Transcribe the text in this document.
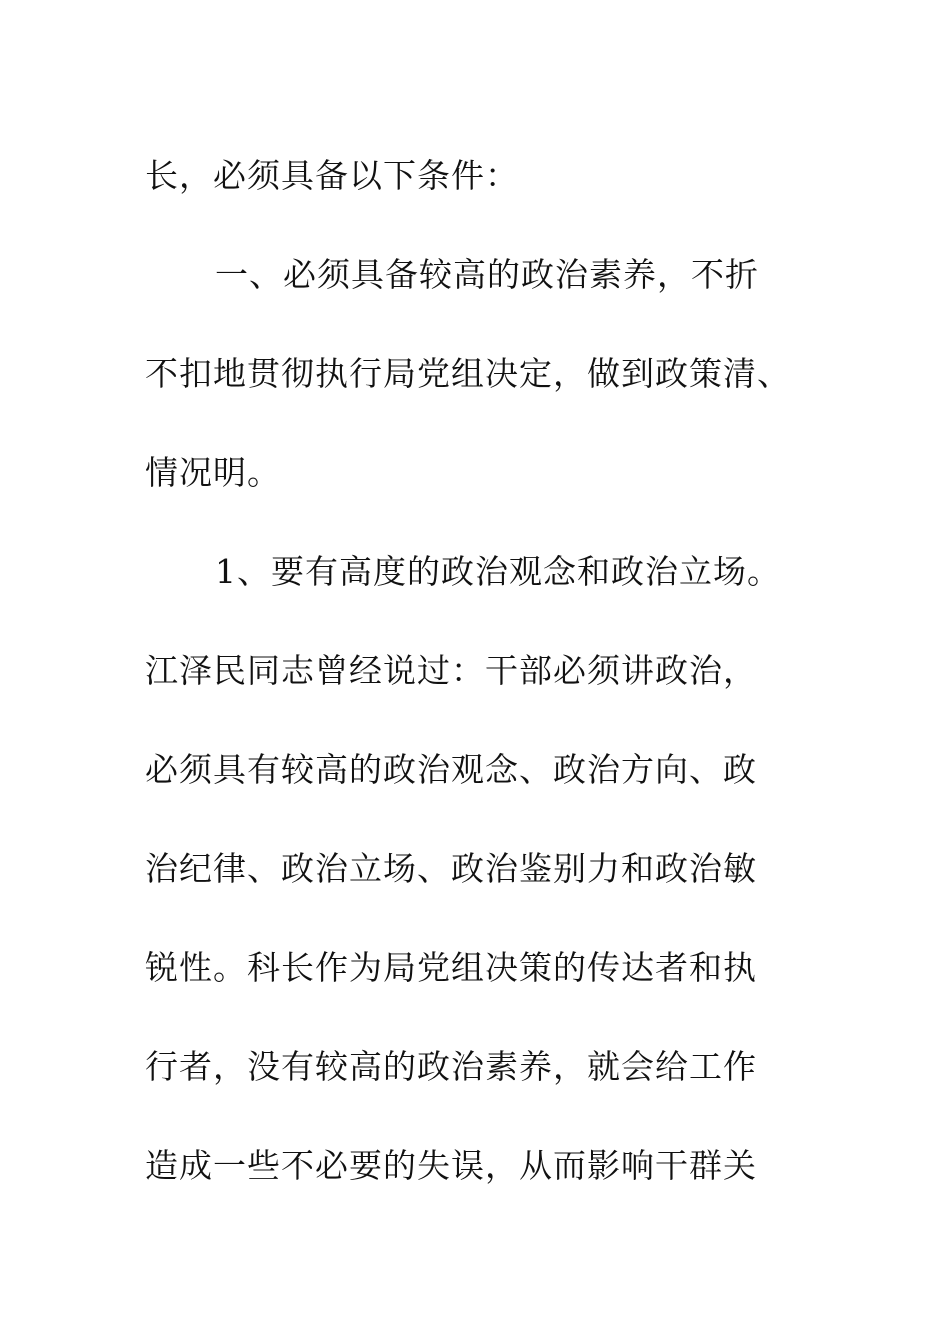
长，必须具备以下条件：
一、必须具备较高的政治素养，不折
不扣地贯彻执行局党组决定，做到政策清、
情况明。
1、要有高度的政治观念和政治立场。
江泽民同志曾经说过：干部必须讲政治，
必须具有较高的政治观念、政治方向、政
治纪律、政治立场、政治鉴别力和政治敏
锐性。科长作为局党组决策的传达者和执
行者，没有较高的政治素养，就会给工作
造成一些不必要的失误，从而影响干群关
